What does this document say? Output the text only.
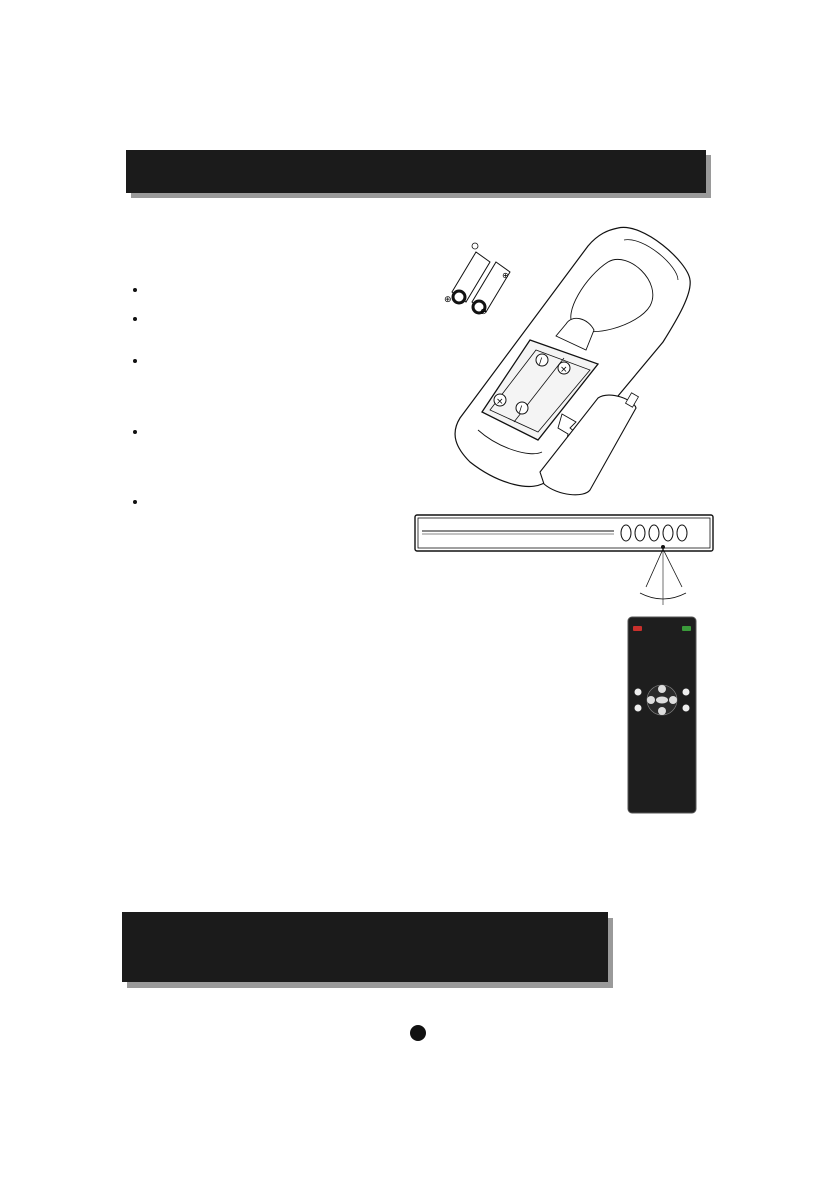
/
×
×
/
⊕
⊕
⊖
